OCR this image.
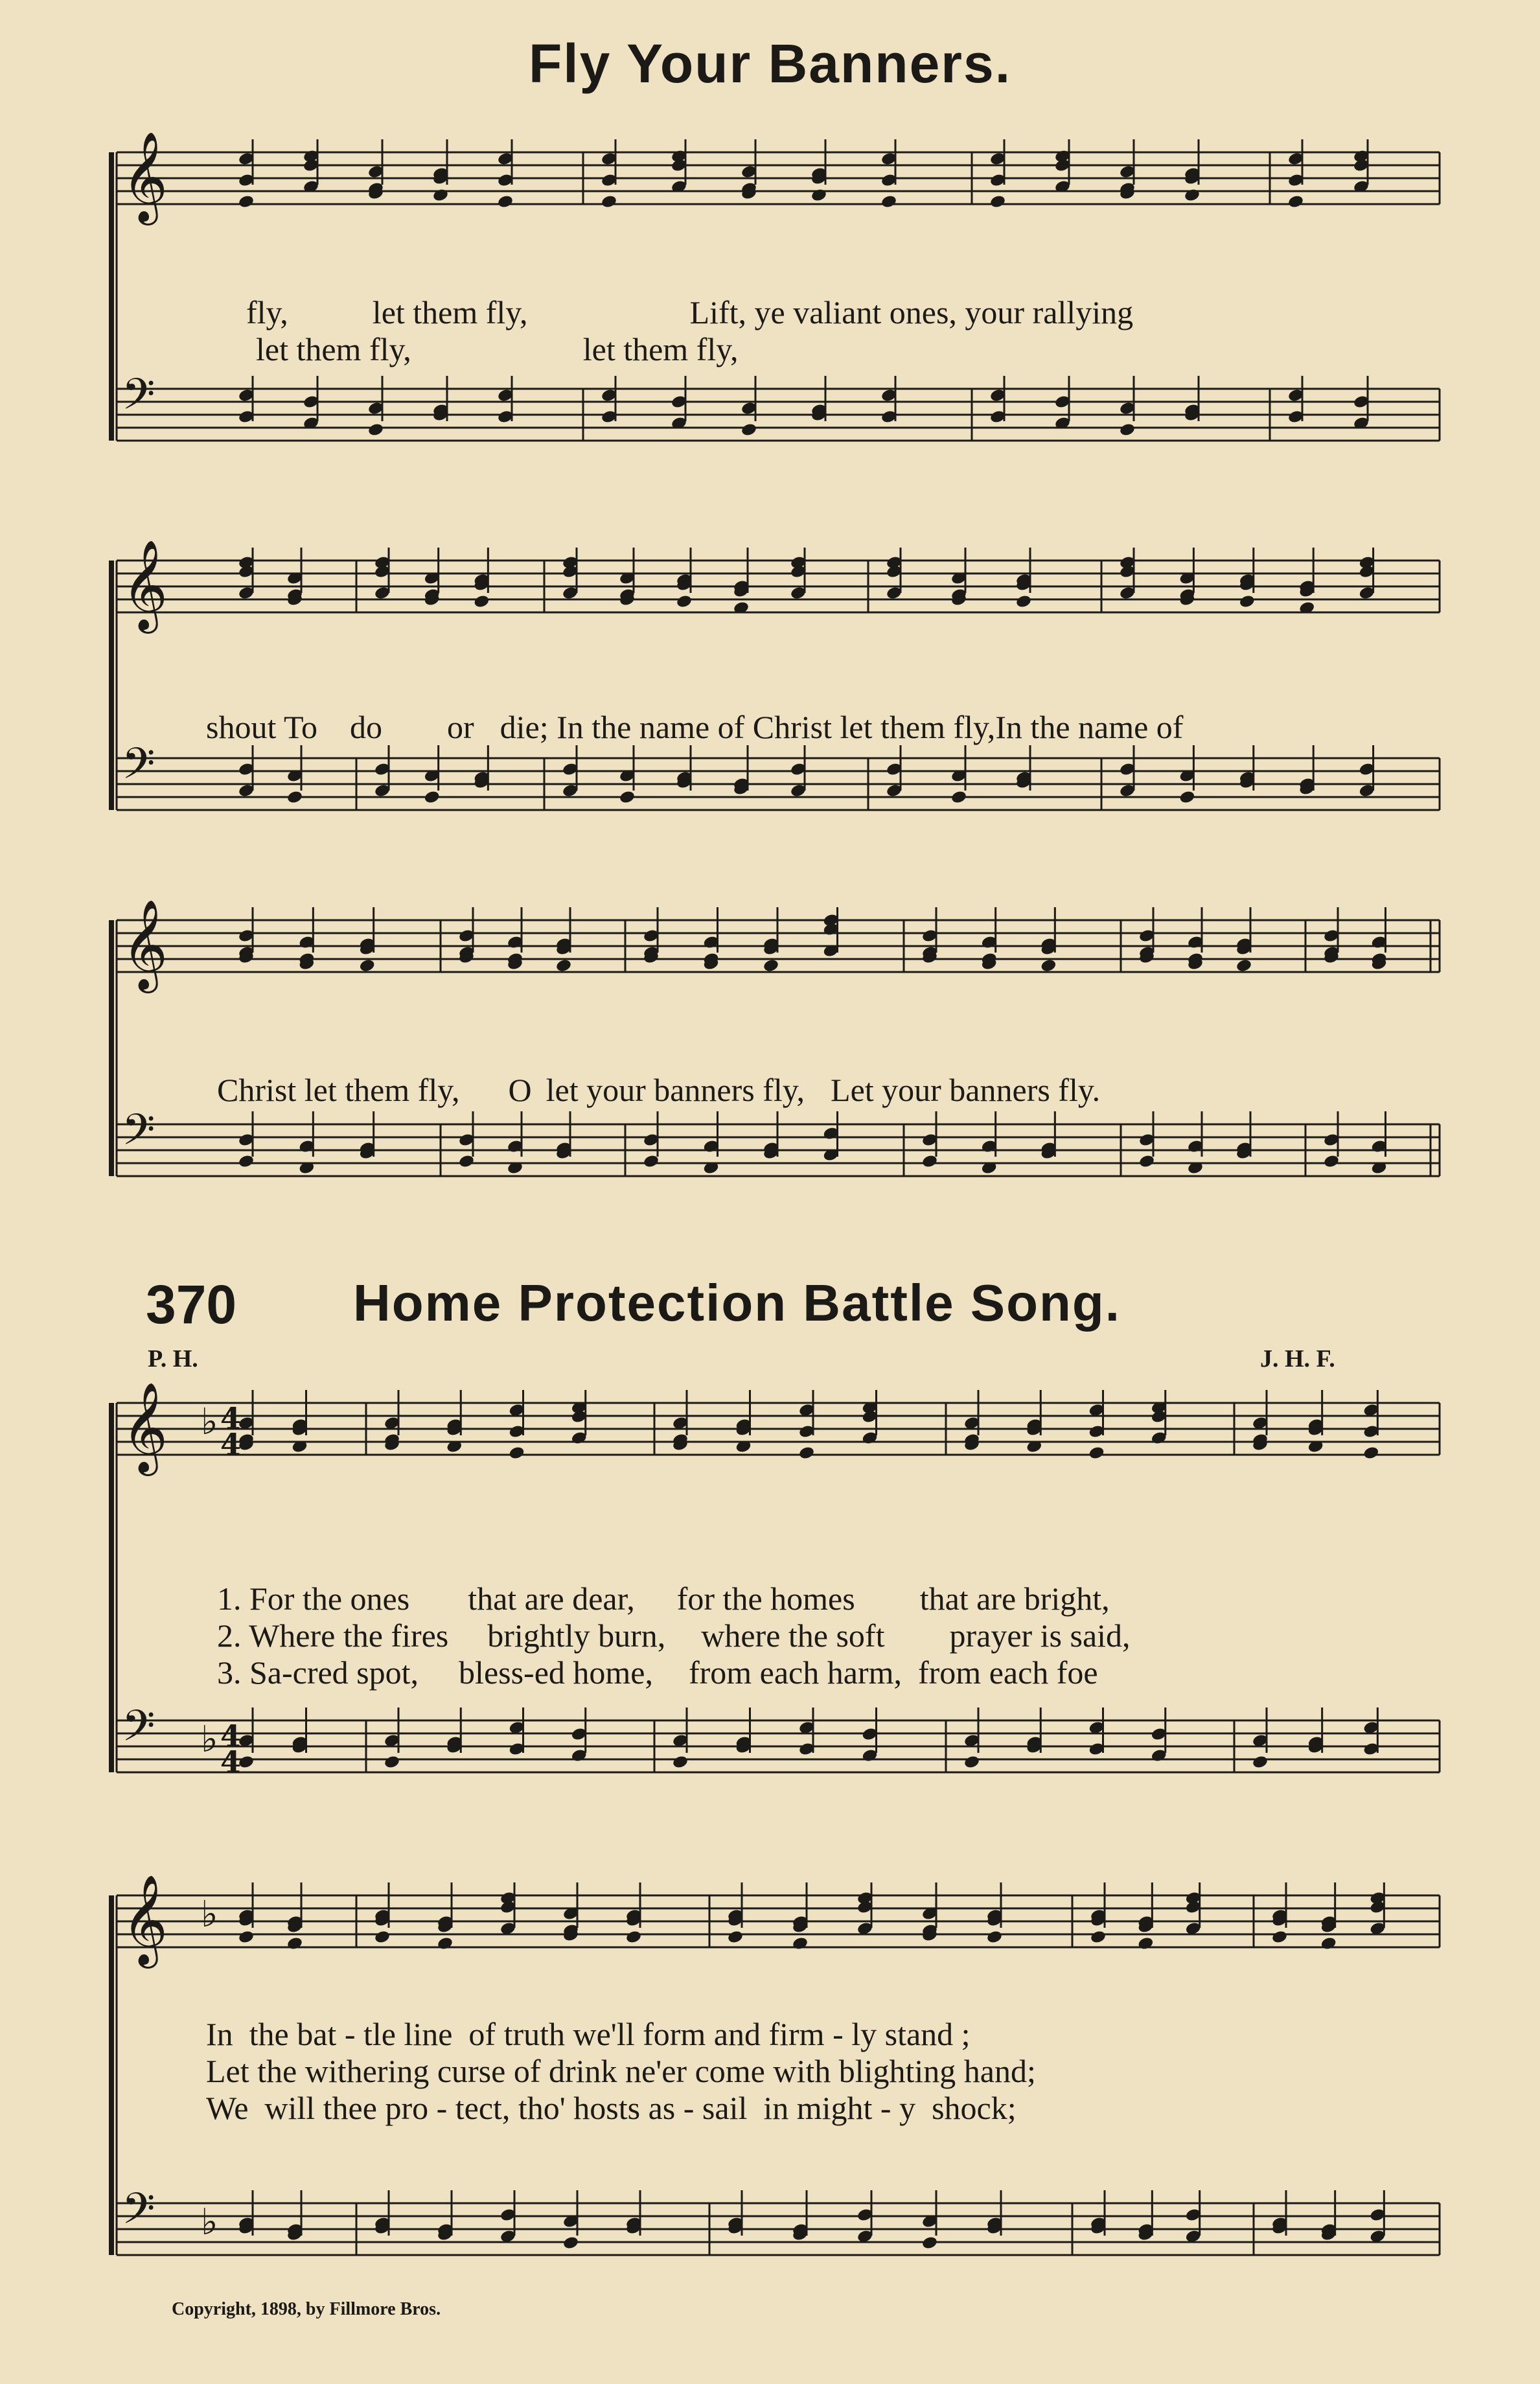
Fly Your Banners.
𝄞
𝄢
𝄞
𝄢
𝄞
𝄢
𝄞
𝄢
𝄞
𝄢
♭
♭
♭
♭
4
4
4
4

fly,	let them fly,	Lift, ye valiant ones, your rallying

let them fly,	let them fly,

shout To do or die; In the name of Christ let them fly,In the name of

Christ let them fly, O let your banners fly, Let your banners fly.

370 Home Protection Battle Song.
P. H.	J. H. F.

1. For the ones that are dear, for the homes that are bright,

2. Where the fires brightly burn, where the soft prayer is said,

3. Sa-cred spot, bless-ed home, from each harm, from each foe

In  the bat - tle line  of truth we'll form and firm - ly stand ;
Let the withering curse of drink ne'er come with blighting hand;
We  will thee pro - tect, tho' hosts as - sail  in might - y  shock;
Copyright, 1898, by Fillmore Bros.
